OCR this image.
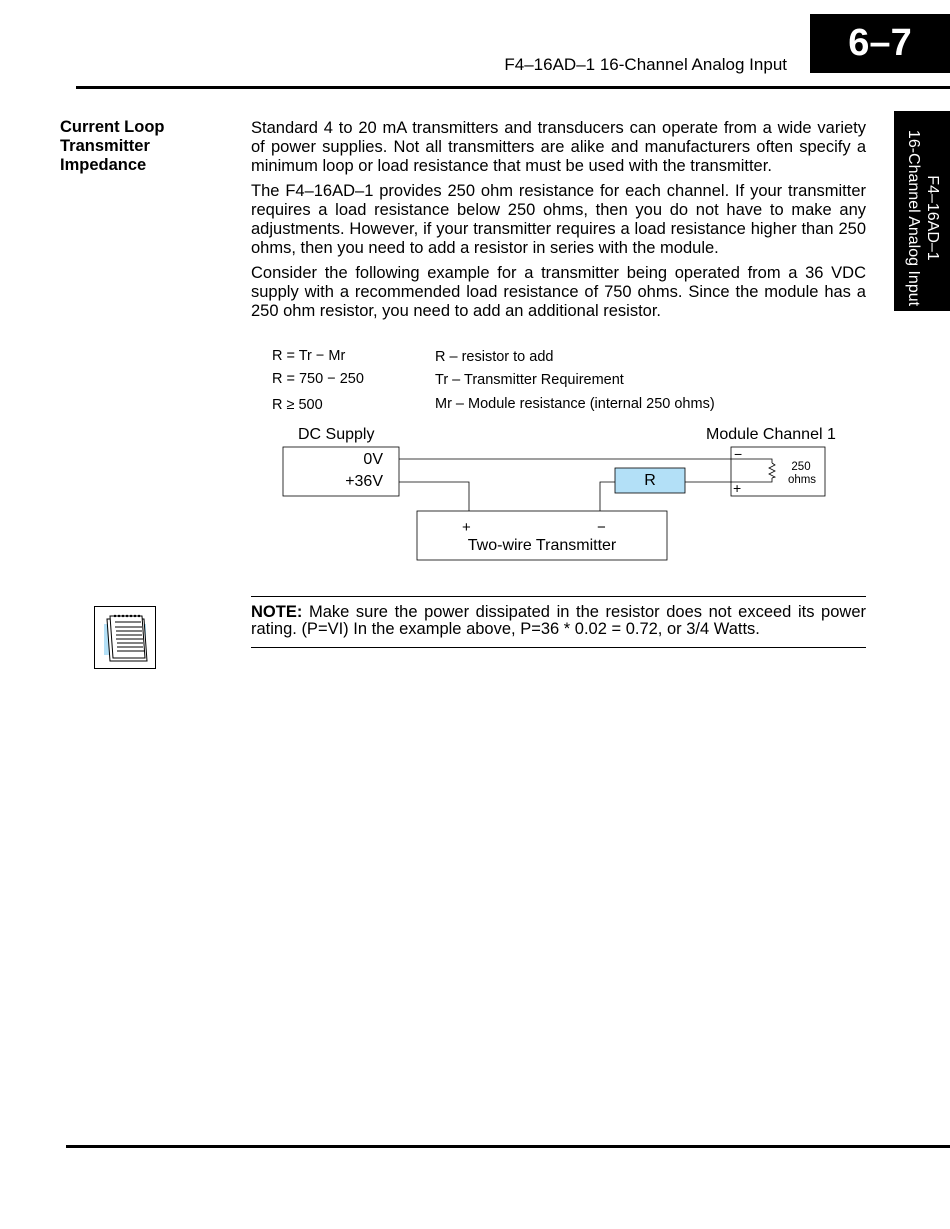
6–7
F4–16AD–1 16-Channel Analog Input
F4–16AD–1
16-Channel Analog Input
Current Loop
Transmitter
Impedance

Standard 4 to 20 mA transmitters and transducers can operate from a wide variety of power supplies. Not all transmitters are alike and manufacturers often specify a minimum loop or load resistance that must be used with the transmitter.

The F4–16AD–1 provides 250 ohm resistance for each channel. If your transmitter requires a load resistance below 250 ohms, then you do not have to make any adjustments. However, if your transmitter requires a load resistance higher than 250 ohms, then you need to add a resistor in series with the module.

Consider the following example for a transmitter being operated from a 36 VDC supply with a recommended load resistance of 750 ohms. Since the module has a 250 ohm resistor, you need to add an additional resistor.

R = Tr − Mr
R = 750 − 250
R ≥ 500
R – resistor to add
Tr – Transmitter Requirement
Mr – Module resistance (internal 250 ohms)
DC Supply
0V
+36V
Module Channel 1
−
+
250
ohms
R
+	−
Two-wire Transmitter
NOTE: Make sure the power dissipated in the resistor does not exceed its power rating. (P=VI) In the example above, P=36 * 0.02 = 0.72, or 3/4 Watts.
